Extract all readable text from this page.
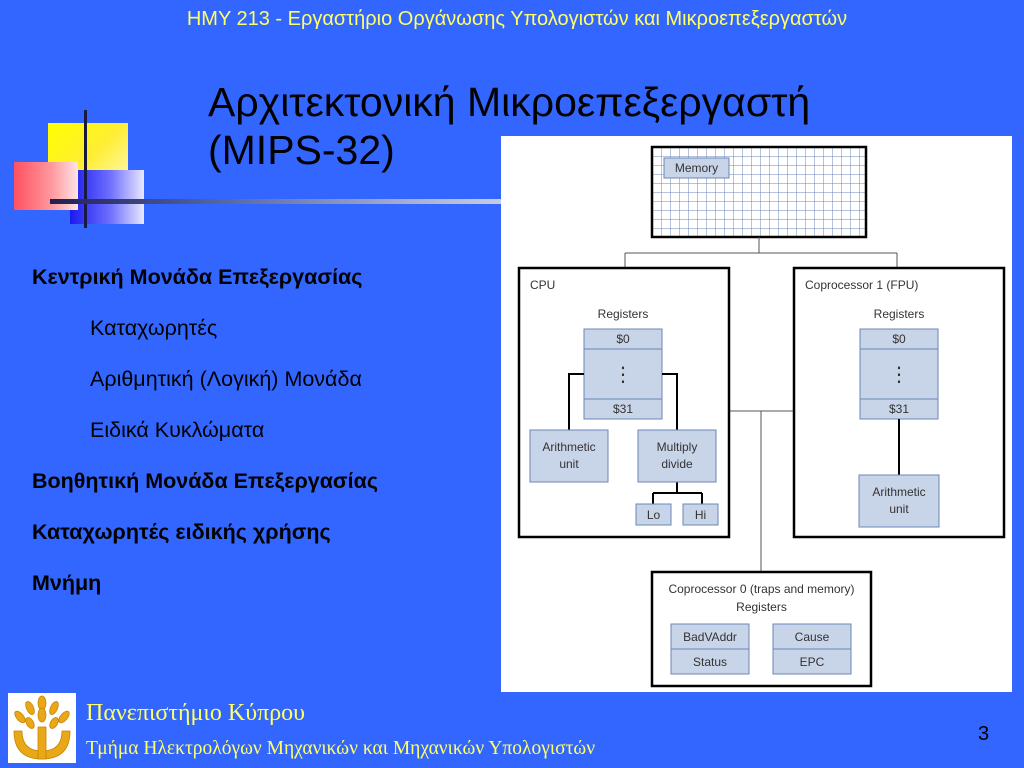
ΗΜΥ 213 - Εργαστήριο Οργάνωσης Υπολογιστών και Μικροεπεξεργαστών
Αρχιτεκτονική Μικροεπεξεργαστή
(MIPS-32)
Κεντρική Μονάδα Επεξεργασίας
Καταχωρητές
Αριθμητική (Λογική) Μονάδα
Ειδικά Κυκλώματα
Βοηθητική Μονάδα Επεξεργασίας
Καταχωρητές ειδικής χρήσης
Μνήμη
Memory
CPU
Registers
$0
⋮
$31
Arithmetic
unit
Multiply
divide
Lo	Hi
Coprocessor 1 (FPU)
Registers
$0
⋮
$31
Arithmetic
unit
Coprocessor 0 (traps and memory)
Registers
BadVAddr
Status
Cause
EPC
Πανεπιστήμιο Κύπρου
Τμήμα Ηλεκτρολόγων Μηχανικών και Μηχανικών Υπολογιστών
3
